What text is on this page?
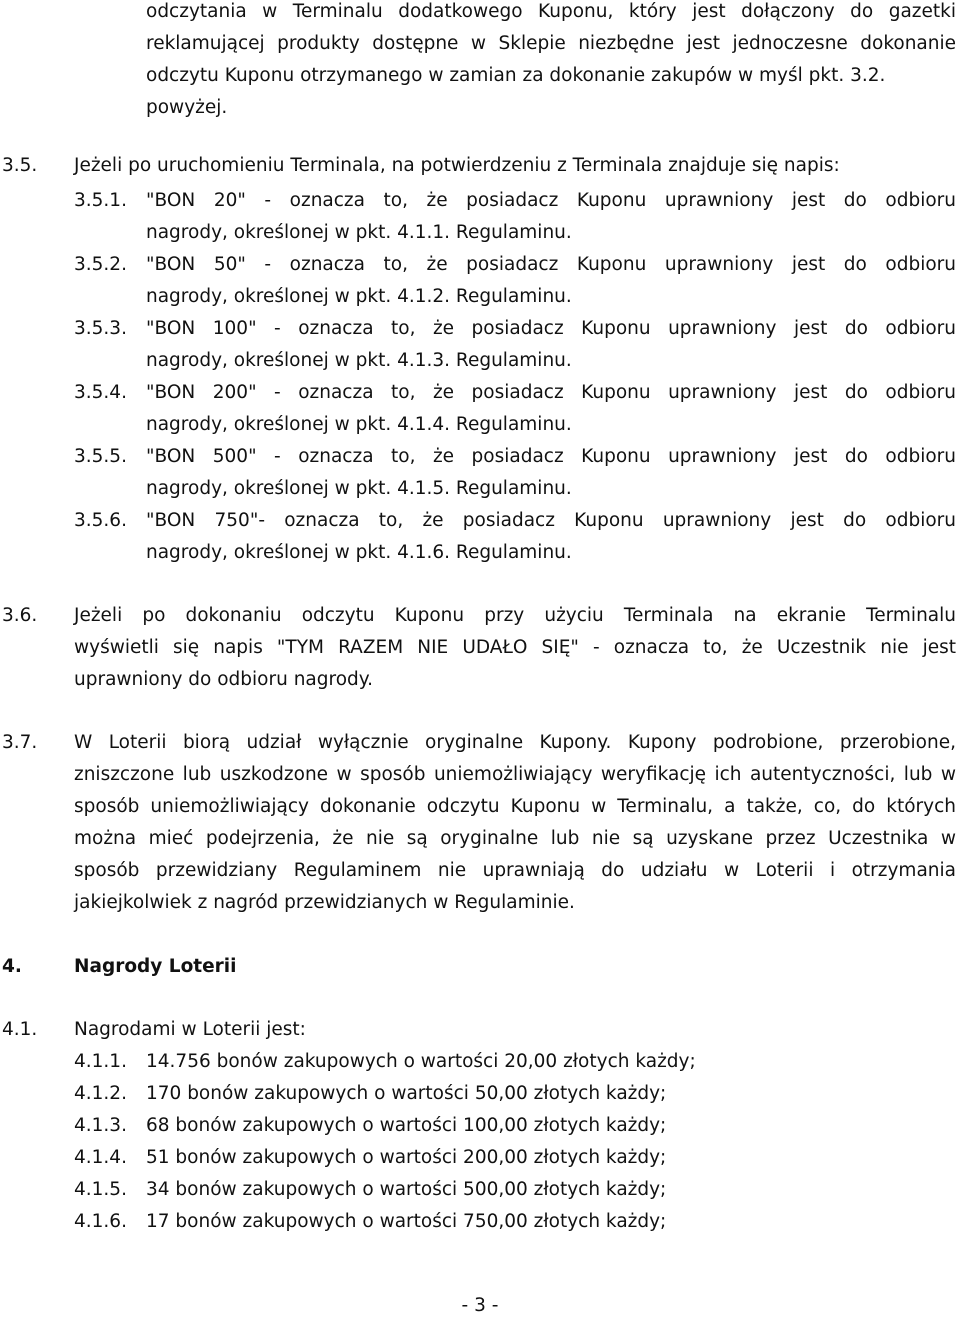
odczytania w Terminalu dodatkowego Kuponu, który jest dołączony do gazetki
reklamującej produkty dostępne w Sklepie niezbędne jest jednoczesne dokonanie
odczytu Kuponu otrzymanego w zamian za dokonanie zakupów w myśl pkt. 3.2.
powyżej.
3.5. Jeżeli po uruchomieniu Terminala, na potwierdzeniu z Terminala znajduje się napis:
3.5.1. "BON 20" - oznacza to, że posiadacz Kuponu uprawniony jest do odbioru
nagrody, określonej w pkt. 4.1.1. Regulaminu.
3.5.2. "BON 50" - oznacza to, że posiadacz Kuponu uprawniony jest do odbioru
nagrody, określonej w pkt. 4.1.2. Regulaminu.
3.5.3. "BON 100" - oznacza to, że posiadacz Kuponu uprawniony jest do odbioru
nagrody, określonej w pkt. 4.1.3. Regulaminu.
3.5.4. "BON 200" - oznacza to, że posiadacz Kuponu uprawniony jest do odbioru
nagrody, określonej w pkt. 4.1.4. Regulaminu.
3.5.5. "BON 500" - oznacza to, że posiadacz Kuponu uprawniony jest do odbioru
nagrody, określonej w pkt. 4.1.5. Regulaminu.
3.5.6. "BON 750"- oznacza to, że posiadacz Kuponu uprawniony jest do odbioru
nagrody, określonej w pkt. 4.1.6. Regulaminu.
3.6. Jeżeli po dokonaniu odczytu Kuponu przy użyciu Terminala na ekranie Terminalu
wyświetli się napis "TYM RAZEM NIE UDAŁO SIĘ" - oznacza to, że Uczestnik nie jest
uprawniony do odbioru nagrody.
3.7. W Loterii biorą udział wyłącznie oryginalne Kupony. Kupony podrobione, przerobione,
zniszczone lub uszkodzone w sposób uniemożliwiający weryfikację ich autentyczności, lub w
sposób uniemożliwiający dokonanie odczytu Kuponu w Terminalu, a także, co, do których
można mieć podejrzenia, że nie są oryginalne lub nie są uzyskane przez Uczestnika w
sposób przewidziany Regulaminem nie uprawniają do udziału w Loterii i otrzymania
jakiejkolwiek z nagród przewidzianych w Regulaminie.
4.	Nagrody Loterii
4.1. Nagrodami w Loterii jest:
4.1.1. 14.756 bonów zakupowych o wartości 20,00 złotych każdy;
4.1.2. 170 bonów zakupowych o wartości 50,00 złotych każdy;
4.1.3. 68 bonów zakupowych o wartości 100,00 złotych każdy;
4.1.4. 51 bonów zakupowych o wartości 200,00 złotych każdy;
4.1.5. 34 bonów zakupowych o wartości 500,00 złotych każdy;
4.1.6. 17 bonów zakupowych o wartości 750,00 złotych każdy;
- 3 -
